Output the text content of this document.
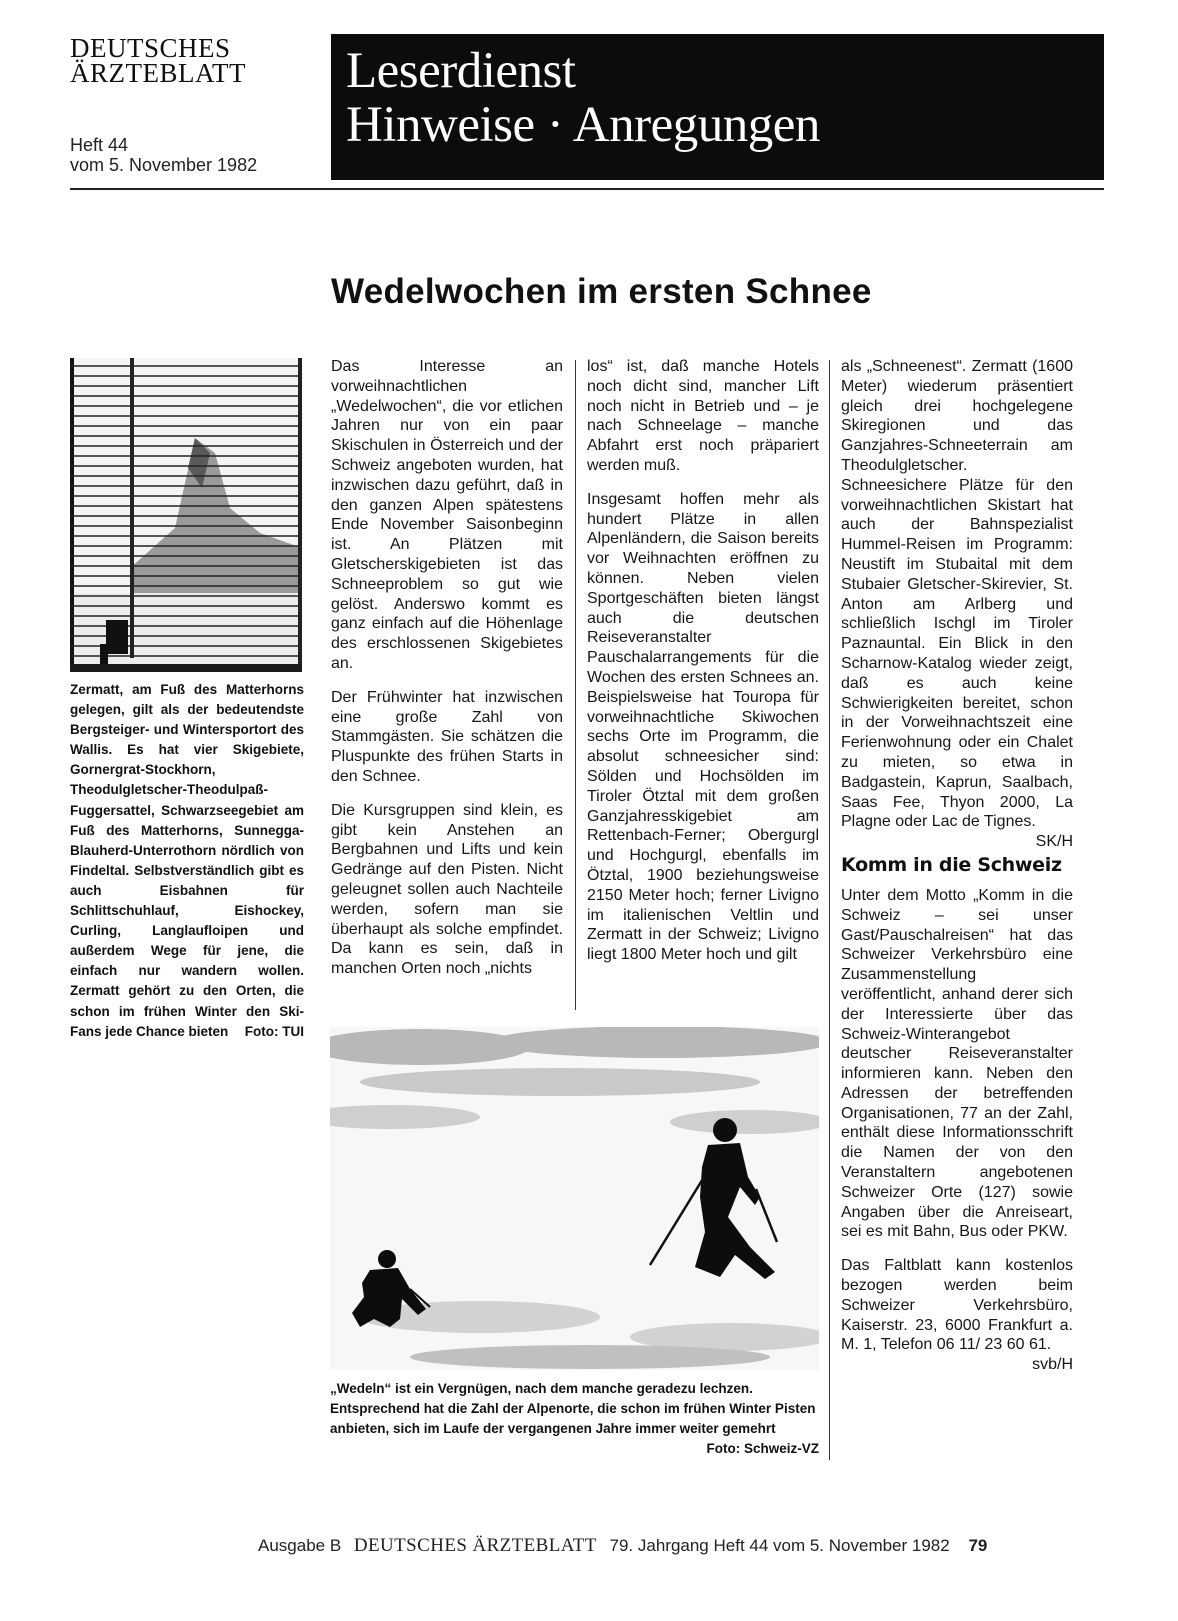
DEUTSCHES
ÄRZTEBLATT
Heft 44
vom 5. November 1982
Leserdienst
Hinweise · Anregungen
Wedelwochen im ersten Schnee
Zermatt, am Fuß des Matterhorns gelegen, gilt als der bedeutendste Bergsteiger- und Wintersportort des Wallis. Es hat vier Skigebiete, Gornergrat-Stockhorn, Theodulgletscher-Theodulpaß-Fuggersattel, Schwarzseegebiet am Fuß des Matterhorns, Sunnegga-Blauherd-Unterrothorn nördlich von Findeltal. Selbstverständlich gibt es auch Eisbahnen für Schlittschuhlauf, Eishockey, Curling, Langlaufloipen und außerdem Wege für jene, die einfach nur wandern wollen. Zermatt gehört zu den Orten, die schon im frühen Winter den Ski-Fans jede Chance bieten Foto: TUI

Das Interesse an vorweihnachtlichen „Wedelwochen“, die vor etlichen Jahren nur von ein paar Skischulen in Österreich und der Schweiz angeboten wurden, hat inzwischen dazu geführt, daß in den ganzen Alpen spätestens Ende November Saisonbeginn ist. An Plätzen mit Gletscherskigebieten ist das Schneeproblem so gut wie gelöst. Anderswo kommt es ganz einfach auf die Höhenlage des erschlossenen Skigebietes an.

Der Frühwinter hat inzwischen eine große Zahl von Stammgästen. Sie schätzen die Pluspunkte des frühen Starts in den Schnee.

Die Kursgruppen sind klein, es gibt kein Anstehen an Bergbahnen und Lifts und kein Gedränge auf den Pisten. Nicht geleugnet sollen auch Nachteile werden, sofern man sie überhaupt als solche empfindet. Da kann es sein, daß in manchen Orten noch „nichts

los“ ist, daß manche Hotels noch dicht sind, mancher Lift noch nicht in Betrieb und – je nach Schneelage – manche Abfahrt erst noch präpariert werden muß.

Insgesamt hoffen mehr als hundert Plätze in allen Alpenländern, die Saison bereits vor Weihnachten eröffnen zu können. Neben vielen Sportgeschäften bieten längst auch die deutschen Reiseveranstalter Pauschalarrangements für die Wochen des ersten Schnees an. Beispielsweise hat Touropa für vorweihnachtliche Skiwochen sechs Orte im Programm, die absolut schneesicher sind: Sölden und Hochsölden im Tiroler Ötztal mit dem großen Ganzjahresskigebiet am Rettenbach-Ferner; Obergurgl und Hochgurgl, ebenfalls im Ötztal, 1900 beziehungsweise 2150 Meter hoch; ferner Livigno im italienischen Veltlin und Zermatt in der Schweiz; Livigno liegt 1800 Meter hoch und gilt

„Wedeln“ ist ein Vergnügen, nach dem manche geradezu lechzen. Entsprechend hat die Zahl der Alpenorte, die schon im frühen Winter Pisten anbieten, sich im Laufe der vergangenen Jahre immer weiter gemehrt
Foto: Schweiz-VZ

als „Schneenest“. Zermatt (1600 Meter) wiederum präsentiert gleich drei hochgelegene Skiregionen und das Ganzjahres-Schneeterrain am Theodulgletscher. Schneesichere Plätze für den vorweihnachtlichen Skistart hat auch der Bahnspezialist Hummel-Reisen im Programm: Neustift im Stubaital mit dem Stubaier Gletscher-Skirevier, St. Anton am Arlberg und schließlich Ischgl im Tiroler Paznauntal. Ein Blick in den Scharnow-Katalog wieder zeigt, daß es auch keine Schwierigkeiten bereitet, schon in der Vorweihnachtszeit eine Ferienwohnung oder ein Chalet zu mieten, so etwa in Badgastein, Kaprun, Saalbach, Saas Fee, Thyon 2000, La Plagne oder Lac de Tignes.
SK/H

Komm in die Schweiz

Unter dem Motto „Komm in die Schweiz – sei unser Gast/Pauschalreisen“ hat das Schweizer Verkehrsbüro eine Zusammenstellung veröffentlicht, anhand derer sich der Interessierte über das Schweiz-Winterangebot deutscher Reiseveranstalter informieren kann. Neben den Adressen der betreffenden Organisationen, 77 an der Zahl, enthält diese Informationsschrift die Namen der von den Veranstaltern angebotenen Schweizer Orte (127) sowie Angaben über die Anreiseart, sei es mit Bahn, Bus oder PKW.

Das Faltblatt kann kostenlos bezogen werden beim Schweizer Verkehrsbüro, Kaiserstr. 23, 6000 Frankfurt a. M. 1, Telefon 06 11/ 23 60 61.
svb/H

Ausgabe B DEUTSCHES ÄRZTEBLATT 79. Jahrgang Heft 44 vom 5. November 1982 79
